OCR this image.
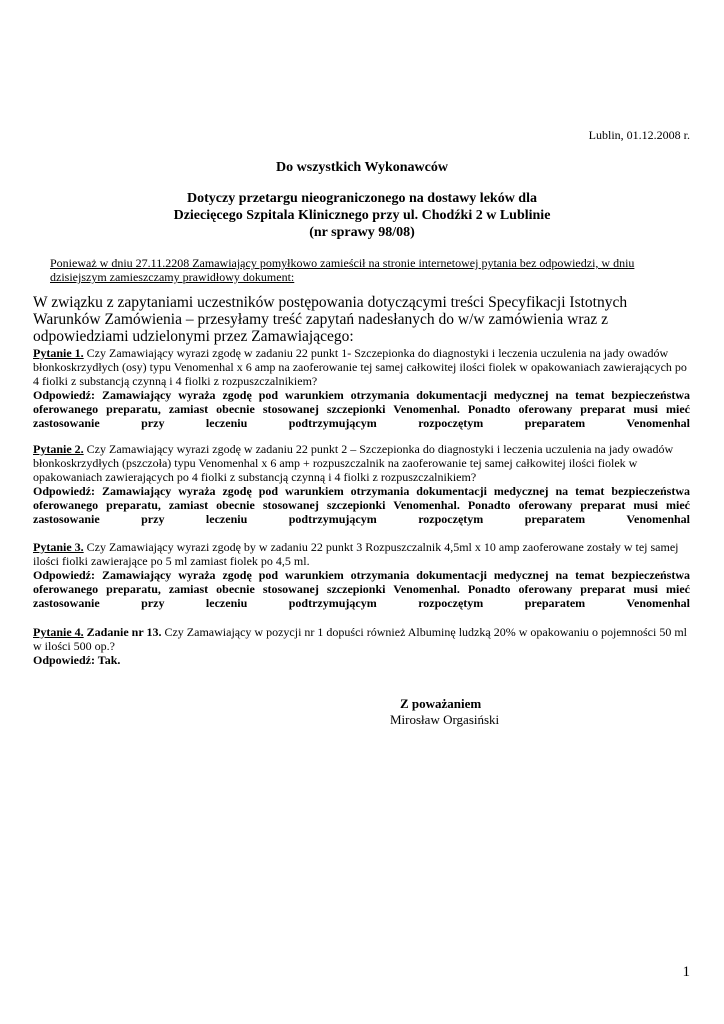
Lublin, 01.12.2008 r.
Do wszystkich Wykonawców
Dotyczy przetargu nieograniczonego na dostawy leków dla
Dziecięcego Szpitala Klinicznego przy ul. Chodźki 2 w Lublinie
(nr sprawy 98/08)
Ponieważ w dniu 27.11.2208 Zamawiający pomyłkowo zamieścił na stronie internetowej pytania bez odpowiedzi, w dniu dzisiejszym zamieszczamy prawidłowy dokument:
W związku z zapytaniami uczestników postępowania dotyczącymi treści Specyfikacji Istotnych Warunków Zamówienia – przesyłamy treść zapytań nadesłanych do w/w zamówienia wraz z odpowiedziami udzielonymi przez Zamawiającego:
Pytanie 1. Czy Zamawiający wyrazi zgodę w zadaniu 22 punkt 1- Szczepionka do diagnostyki i leczenia uczulenia na jady owadów błonkoskrzydłych (osy) typu Venomenhal x 6 amp na zaoferowanie tej samej całkowitej ilości fiolek w opakowaniach zawierających po 4 fiolki z substancją czynną i 4 fiolki z rozpuszczalnikiem?
Odpowiedź: Zamawiający wyraża zgodę pod warunkiem otrzymania dokumentacji medycznej na temat bezpieczeństwa oferowanego preparatu, zamiast obecnie stosowanej szczepionki Venomenhal. Ponadto oferowany preparat musi mieć zastosowanie przy leczeniu podtrzymującym rozpoczętym preparatem Venomenhal
Pytanie 2. Czy Zamawiający wyrazi zgodę w zadaniu 22 punkt 2 – Szczepionka do diagnostyki i leczenia uczulenia na jady owadów błonkoskrzydłych (pszczoła) typu Venomenhal x 6 amp + rozpuszczalnik na zaoferowanie tej samej całkowitej ilości fiolek w opakowaniach zawierających po 4 fiolki z substancją czynną i 4 fiolki z rozpuszczalnikiem?
Odpowiedź: Zamawiający wyraża zgodę pod warunkiem otrzymania dokumentacji medycznej na temat bezpieczeństwa oferowanego preparatu, zamiast obecnie stosowanej szczepionki Venomenhal. Ponadto oferowany preparat musi mieć zastosowanie przy leczeniu podtrzymującym rozpoczętym preparatem Venomenhal
Pytanie 3. Czy Zamawiający wyrazi zgodę by w zadaniu 22 punkt 3 Rozpuszczalnik 4,5ml x 10 amp zaoferowane zostały w tej samej ilości fiolki zawierające po 5 ml zamiast fiolek po 4,5 ml.
Odpowiedź: Zamawiający wyraża zgodę pod warunkiem otrzymania dokumentacji medycznej na temat bezpieczeństwa oferowanego preparatu, zamiast obecnie stosowanej szczepionki Venomenhal. Ponadto oferowany preparat musi mieć zastosowanie przy leczeniu podtrzymującym rozpoczętym preparatem Venomenhal
Pytanie 4. Zadanie nr 13. Czy Zamawiający w pozycji nr 1 dopuści również Albuminę ludzką 20% w opakowaniu o pojemności 50 ml w ilości 500 op.?
Odpowiedź: Tak.
Z poważaniem
Mirosław Orgasiński
1
